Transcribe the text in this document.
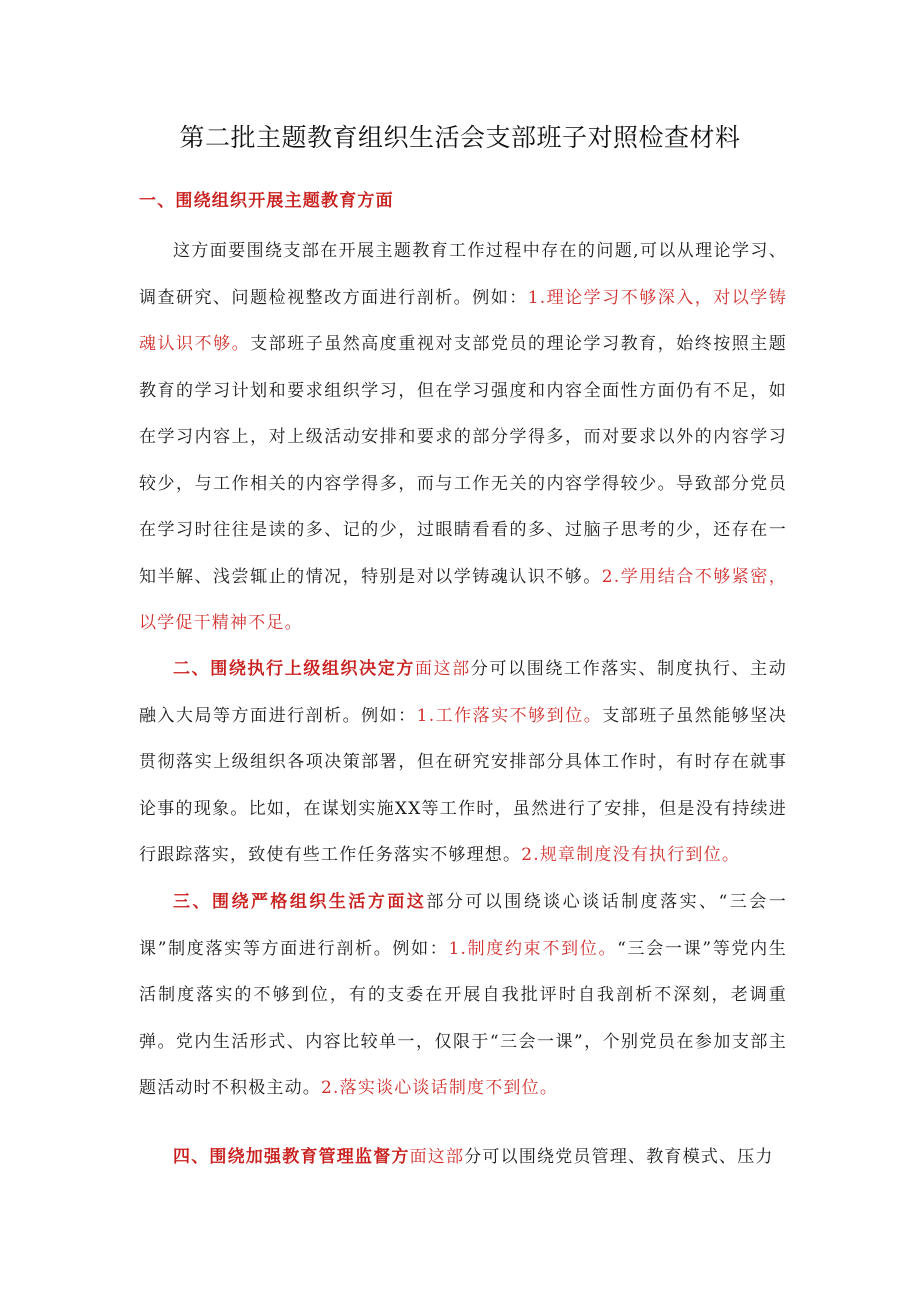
第二批主题教育组织生活会支部班子对照检查材料

一、围绕组织开展主题教育方面

这方面要围绕支部在开展主题教育工作过程中存在的问题,可以从理论学习、调查研究、问题检视整改方面进行剖析。例如：1.理论学习不够深入，对以学铸魂认识不够。支部班子虽然高度重视对支部党员的理论学习教育，始终按照主题教育的学习计划和要求组织学习，但在学习强度和内容全面性方面仍有不足，如在学习内容上，对上级活动安排和要求的部分学得多，而对要求以外的内容学习较少，与工作相关的内容学得多，而与工作无关的内容学得较少。导致部分党员在学习时往往是读的多、记的少，过眼睛看看的多、过脑子思考的少，还存在一知半解、浅尝辄止的情况，特别是对以学铸魂认识不够。2.学用结合不够紧密，以学促干精神不足。

二、围绕执行上级组织决定方面这部分可以围绕工作落实、制度执行、主动融入大局等方面进行剖析。例如：1.工作落实不够到位。支部班子虽然能够坚决贯彻落实上级组织各项决策部署，但在研究安排部分具体工作时，有时存在就事论事的现象。比如，在谋划实施XX等工作时，虽然进行了安排，但是没有持续进行跟踪落实，致使有些工作任务落实不够理想。2.规章制度没有执行到位。

三、围绕严格组织生活方面这部分可以围绕谈心谈话制度落实、“三会一课”制度落实等方面进行剖析。例如：1.制度约束不到位。“三会一课”等党内生活制度落实的不够到位，有的支委在开展自我批评时自我剖析不深刻，老调重弹。党内生活形式、内容比较单一，仅限于“三会一课”，个别党员在参加支部主题活动时不积极主动。2.落实谈心谈话制度不到位。

四、围绕加强教育管理监督方面这部分可以围绕党员管理、教育模式、压力
